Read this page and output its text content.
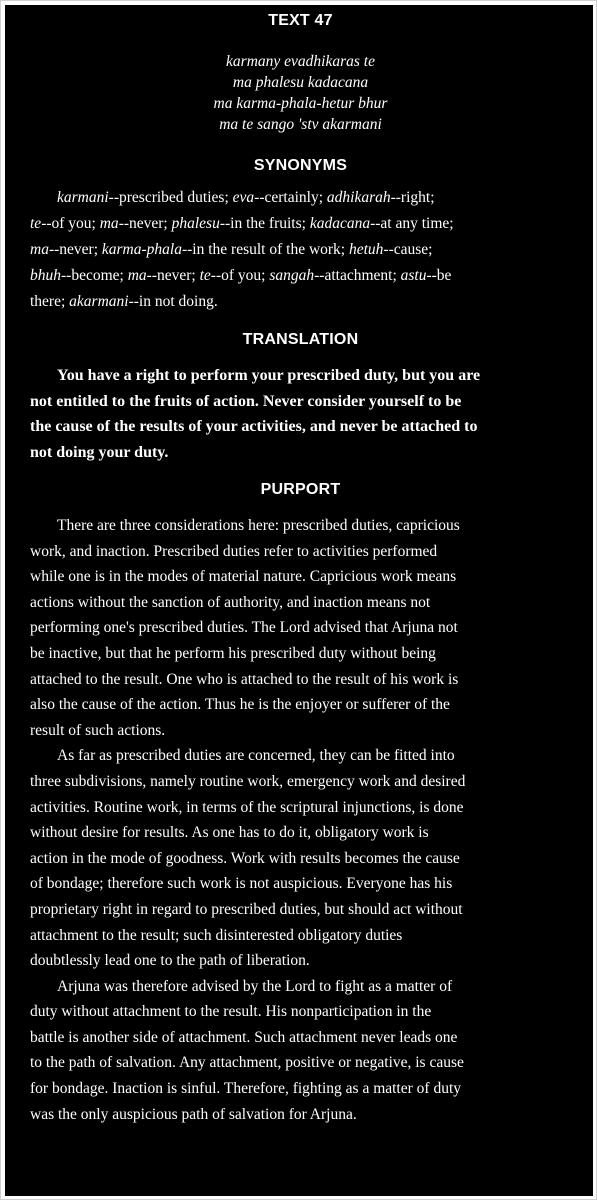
TEXT 47
karmany evadhikaras te
ma phalesu kadacana
ma karma-phala-hetur bhur
ma te sango 'stv akarmani
SYNONYMS
karmani--prescribed duties; eva--certainly; adhikarah--right;
te--of you; ma--never; phalesu--in the fruits; kadacana--at any time;
ma--never; karma-phala--in the result of the work; hetuh--cause;
bhuh--become; ma--never; te--of you; sangah--attachment; astu--be
there; akarmani--in not doing.
TRANSLATION
You have a right to perform your prescribed duty, but you are
not entitled to the fruits of action. Never consider yourself to be
the cause of the results of your activities, and never be attached to
not doing your duty.
PURPORT
There are three considerations here: prescribed duties, capricious
work, and inaction. Prescribed duties refer to activities performed
while one is in the modes of material nature. Capricious work means
actions without the sanction of authority, and inaction means not
performing one's prescribed duties. The Lord advised that Arjuna not
be inactive, but that he perform his prescribed duty without being
attached to the result. One who is attached to the result of his work is
also the cause of the action. Thus he is the enjoyer or sufferer of the
result of such actions.
As far as prescribed duties are concerned, they can be fitted into
three subdivisions, namely routine work, emergency work and desired
activities. Routine work, in terms of the scriptural injunctions, is done
without desire for results. As one has to do it, obligatory work is
action in the mode of goodness. Work with results becomes the cause
of bondage; therefore such work is not auspicious. Everyone has his
proprietary right in regard to prescribed duties, but should act without
attachment to the result; such disinterested obligatory duties
doubtlessly lead one to the path of liberation.
Arjuna was therefore advised by the Lord to fight as a matter of
duty without attachment to the result. His nonparticipation in the
battle is another side of attachment. Such attachment never leads one
to the path of salvation. Any attachment, positive or negative, is cause
for bondage. Inaction is sinful. Therefore, fighting as a matter of duty
was the only auspicious path of salvation for Arjuna.
